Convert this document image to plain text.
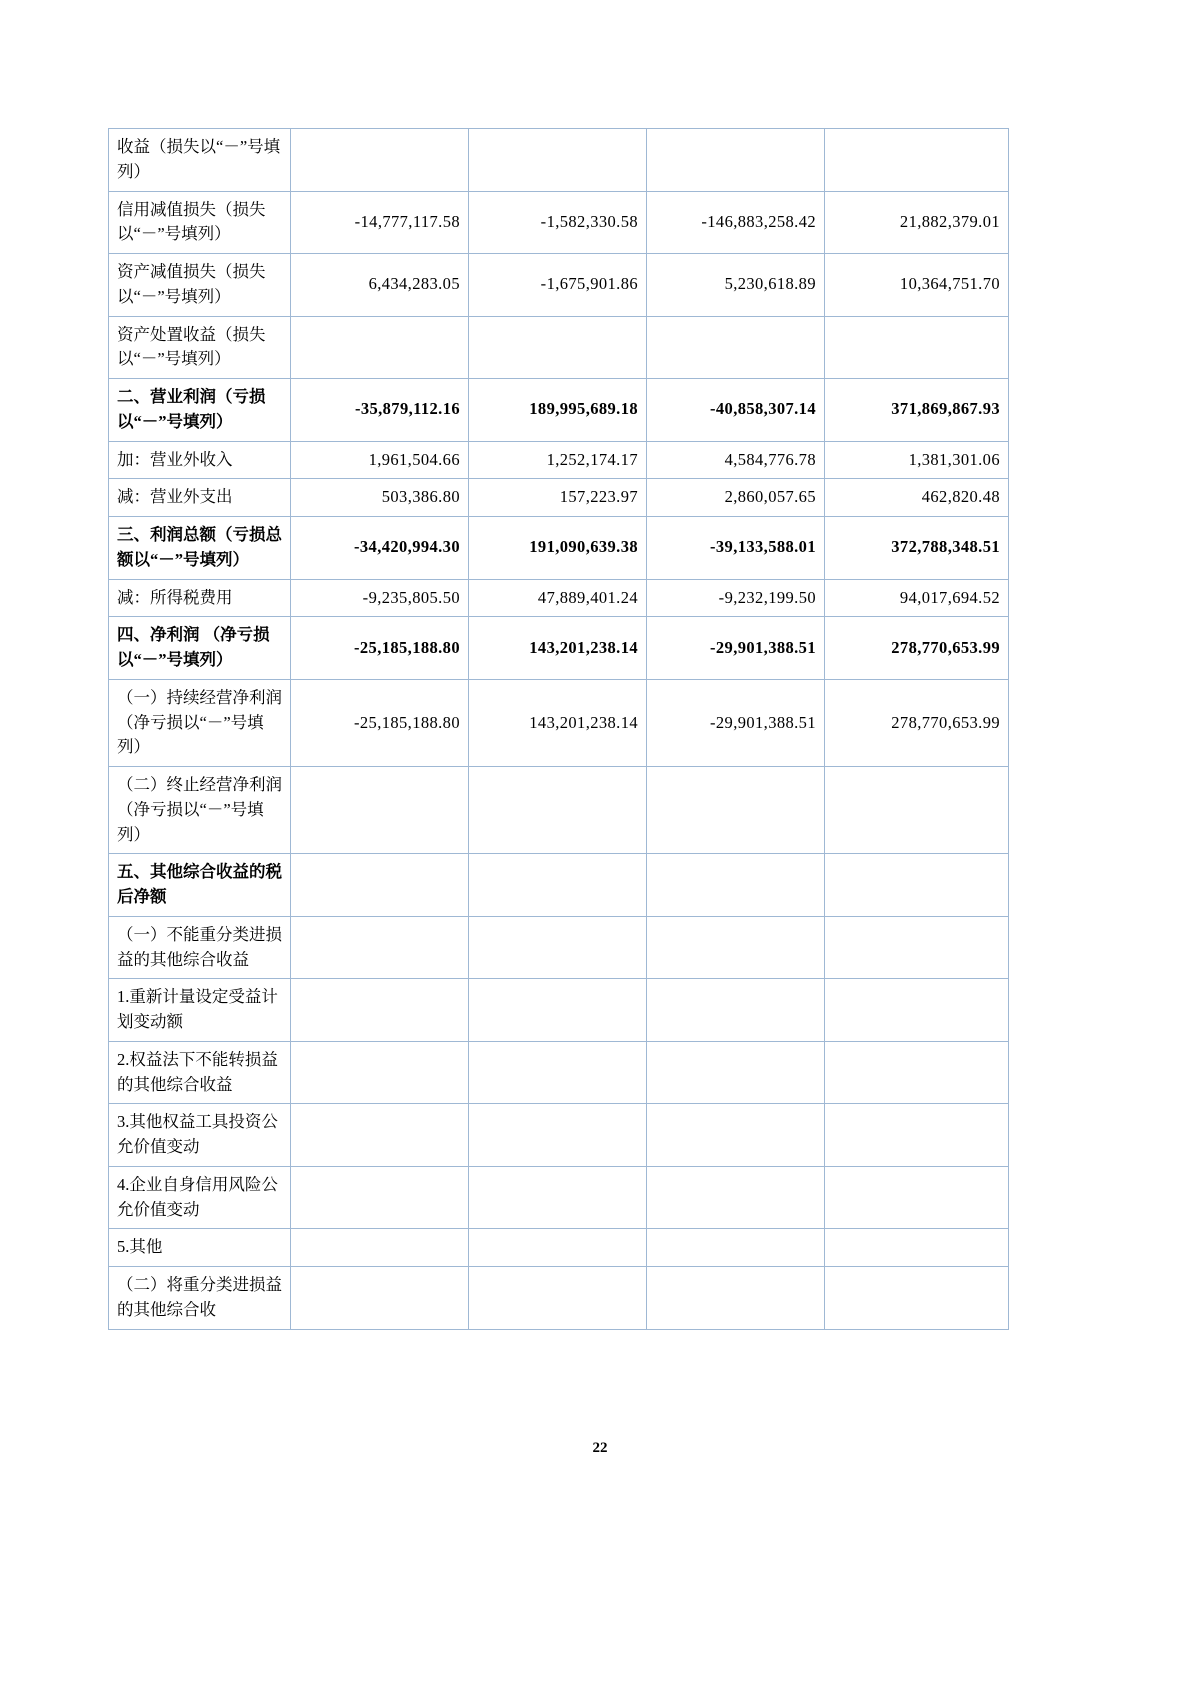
收益（损失以“－”号填列）				
信用减值损失（损失以“－”号填列）	-14,777,117.58	-1,582,330.58	-146,883,258.42	21,882,379.01
资产减值损失（损失以“－”号填列）	6,434,283.05	-1,675,901.86	5,230,618.89	10,364,751.70
资产处置收益（损失以“－”号填列）				
二、营业利润（亏损以“－”号填列）	-35,879,112.16	189,995,689.18	-40,858,307.14	371,869,867.93
加：营业外收入	1,961,504.66	1,252,174.17	4,584,776.78	1,381,301.06
减：营业外支出	503,386.80	157,223.97	2,860,057.65	462,820.48
三、利润总额（亏损总额以“－”号填列）	-34,420,994.30	191,090,639.38	-39,133,588.01	372,788,348.51
减：所得税费用	-9,235,805.50	47,889,401.24	-9,232,199.50	94,017,694.52
四、净利润 （净亏损以“－”号填列）	-25,185,188.80	143,201,238.14	-29,901,388.51	278,770,653.99
（一）持续经营净利润（净亏损以“－”号填列）	-25,185,188.80	143,201,238.14	-29,901,388.51	278,770,653.99
（二）终止经营净利润（净亏损以“－”号填列）				
五、其他综合收益的税后净额				
（一）不能重分类进损益的其他综合收益				
1.重新计量设定受益计划变动额				
2.权益法下不能转损益的其他综合收益				
3.其他权益工具投资公允价值变动				
4.企业自身信用风险公允价值变动				
5.其他				
（二）将重分类进损益的其他综合收				
22
